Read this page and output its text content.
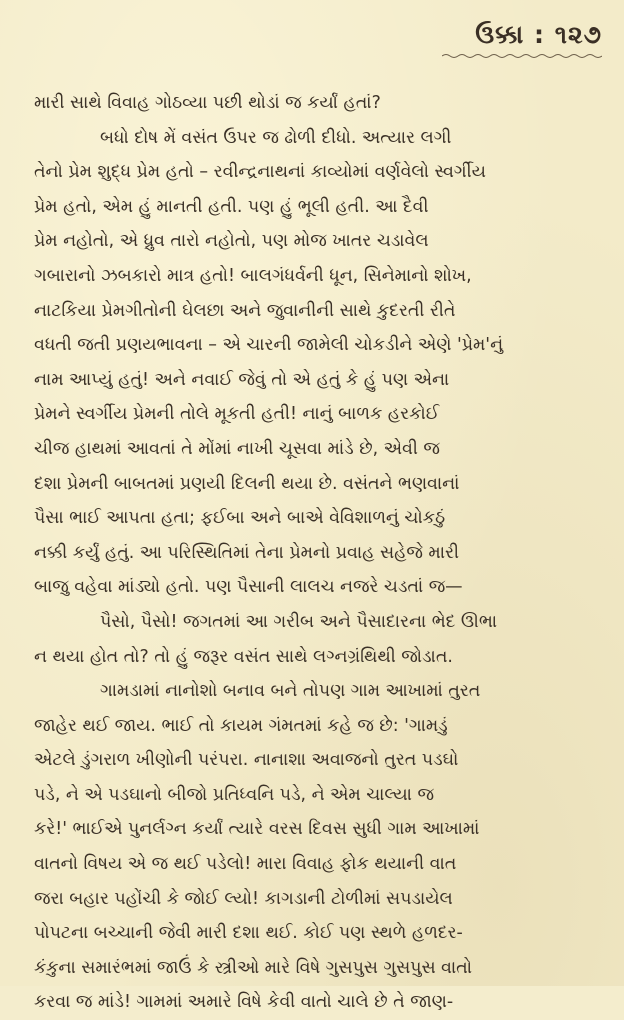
ઉક્કા : ૧૨૭
મારી સાથે વિવાહ ગોઠવ્યા પછી થોડાં જ કર્યાં હતાં?
બધો દોષ મેં વસંત ઉપર જ ઢોળી દીધો. અત્યાર લગી
તેનો પ્રેમ શુદ્ધ પ્રેમ હતો – રવીન્દ્રનાથનાં કાવ્યોમાં વર્ણવેલો સ્વર્ગીય
પ્રેમ હતો, એમ હું માનતી હતી. પણ હું ભૂલી હતી. આ દૈવી
પ્રેમ નહોતો, એ ધ્રુવ તારો નહોતો, પણ મોજ ખાતર ચડાવેલ
ગબારાનો ઝબકારો માત્ર હતો! બાલગંધર્વની ધૂન, સિનેમાનો શોખ,
નાટકિયા પ્રેમગીતોની ઘેલછા અને જુવાનીની સાથે કુદરતી રીતે
વધતી જતી પ્રણયભાવના – એ ચારની જામેલી ચોકડીને એણે 'પ્રેમ'નું
નામ આપ્યું હતું! અને નવાઈ જેવું તો એ હતું કે હું પણ એના
પ્રેમને સ્વર્ગીય પ્રેમની તોલે મૂકતી હતી! નાનું બાળક હરકોઈ
ચીજ હાથમાં આવતાં તે મોંમાં નાખી ચૂસવા માંડે છે, એવી જ
દશા પ્રેમની બાબતમાં પ્રણયી દિલની થયા છે. વસંતને ભણવાનાં
પૈસા ભાઈ આપતા હતા; ફઈબા અને બાએ વેવિશાળનું ચોકઠું
નક્કી કર્યું હતું. આ પરિસ્થિતિમાં તેના પ્રેમનો પ્રવાહ સહેજે મારી
બાજુ વહેવા માંડ્યો હતો. પણ પૈસાની લાલચ નજરે ચડતાં જ—
પૈસો, પૈસો! જગતમાં આ ગરીબ અને પૈસાદારના ભેદ ઊભા
ન થયા હોત તો? તો હું જરૂર વસંત સાથે લગ્નગ્રંથિથી જોડાત.
ગામડામાં નાનોશો બનાવ બને તોપણ ગામ આખામાં તુરત
જાહેર થઈ જાય. ભાઈ તો કાયમ ગંમતમાં કહે જ છે: 'ગામડું
એટલે ડુંગરાળ ખીણોની પરંપરા. નાનાશા અવાજનો તુરત પડઘો
પડે, ને એ પડઘાનો બીજો પ્રતિધ્વનિ પડે, ને એમ ચાલ્યા જ
કરે!' ભાઈએ પુનર્લગ્ન કર્યાં ત્યારે વરસ દિવસ સુધી ગામ આખામાં
વાતનો વિષય એ જ થઈ પડેલો! મારા વિવાહ ફોક થયાની વાત
જરા બહાર પહોંચી કે જોઈ લ્યો! કાગડાની ટોળીમાં સપડાયેલ
પોપટના બચ્ચાની જેવી મારી દશા થઈ. કોઈ પણ સ્થળે હળદર-
કંકુના સમારંભમાં જાઉં કે સ્ત્રીઓ મારે વિષે ગુસપુસ ગુસપુસ વાતો
કરવા જ માંડે! ગામમાં અમારે વિષે કેવી વાતો ચાલે છે તે જાણ-
